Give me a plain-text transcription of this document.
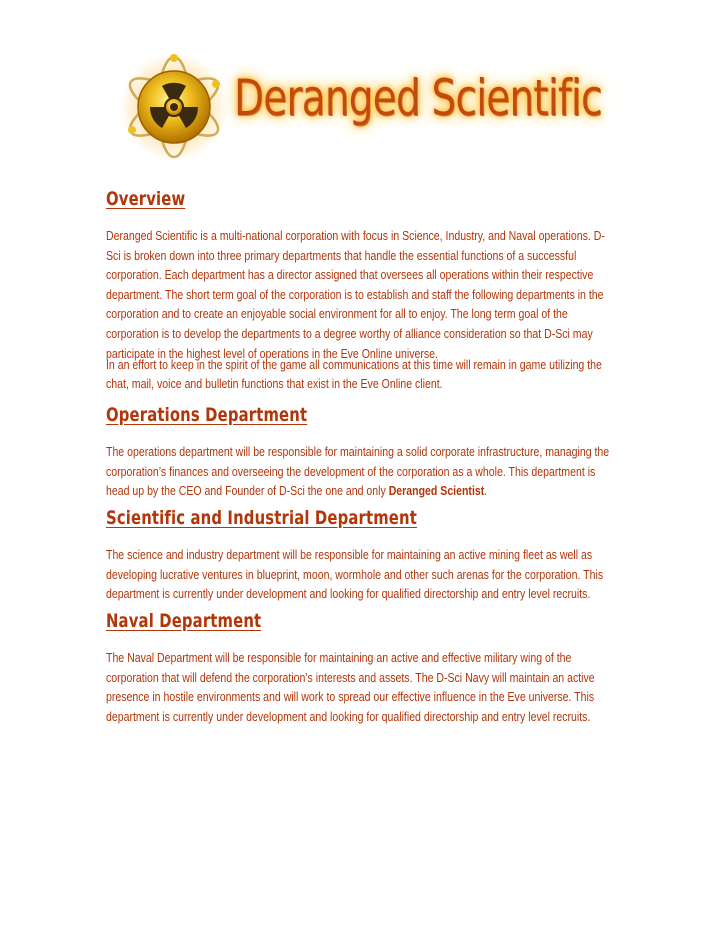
Deranged Scientific
Overview

Deranged Scientific is a multi-national corporation with focus in Science, Industry, and Naval operations. D-Sci is broken down into three primary departments that handle the essential functions of a successful corporation. Each department has a director assigned that oversees all operations within their respective department. The short term goal of the corporation is to establish and staff the following departments in the corporation and to create an enjoyable social environment for all to enjoy. The long term goal of the corporation is to develop the departments to a degree worthy of alliance consideration so that D-Sci may participate in the highest level of operations in the Eve Online universe.

In an effort to keep in the spirit of the game all communications at this time will remain in game utilizing the chat, mail, voice and bulletin functions that exist in the Eve Online client.

Operations Department

The operations department will be responsible for maintaining a solid corporate infrastructure, managing the corporation’s finances and overseeing the development of the corporation as a whole. This department is head up by the CEO and Founder of D-Sci the one and only Deranged Scientist.

Scientific and Industrial Department

The science and industry department will be responsible for maintaining an active mining fleet as well as developing lucrative ventures in blueprint, moon, wormhole and other such arenas for the corporation. This department is currently under development and looking for qualified directorship and entry level recruits.

Naval Department

The Naval Department will be responsible for maintaining an active and effective military wing of the corporation that will defend the corporation’s interests and assets. The D-Sci Navy will maintain an active presence in hostile environments and will work to spread our effective influence in the Eve universe. This department is currently under development and looking for qualified directorship and entry level recruits.
